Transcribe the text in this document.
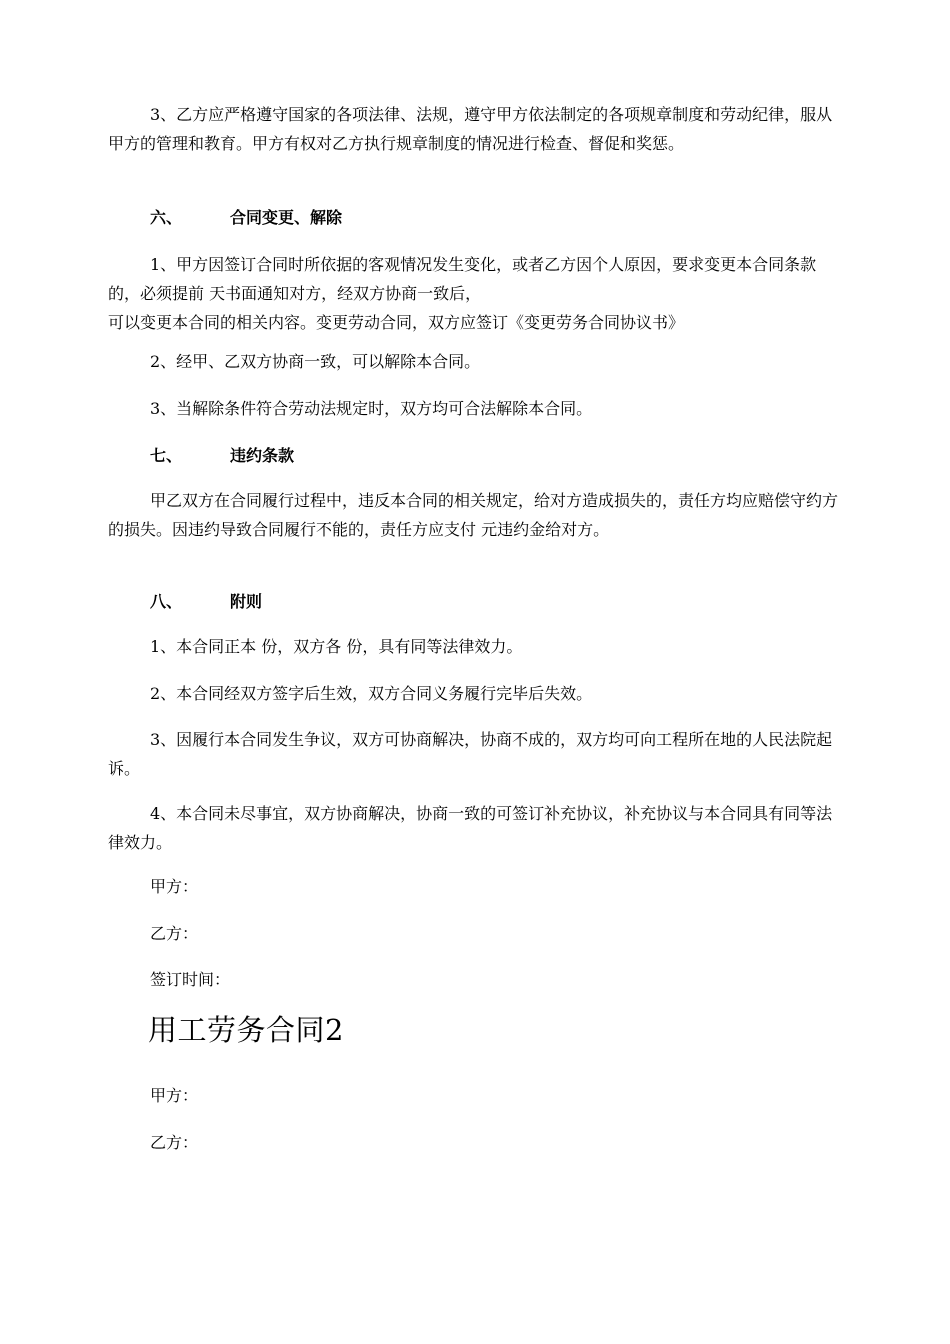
3、乙方应严格遵守国家的各项法律、法规，遵守甲方依法制定的各项规章制度和劳动纪律，服从甲方的管理和教育。甲方有权对乙方执行规章制度的情况进行检查、督促和奖惩。

六、	合同变更、解除

1、甲方因签订合同时所依据的客观情况发生变化，或者乙方因个人原因，要求变更本合同条款的，必须提前 天书面通知对方，经双方协商一致后，

可以变更本合同的相关内容。变更劳动合同，双方应签订《变更劳务合同协议书》

2、经甲、乙双方协商一致，可以解除本合同。

3、当解除条件符合劳动法规定时，双方均可合法解除本合同。

七、	违约条款

甲乙双方在合同履行过程中，违反本合同的相关规定，给对方造成损失的，责任方均应赔偿守约方的损失。因违约导致合同履行不能的，责任方应支付 元违约金给对方。

八、	附则

1、本合同正本 份，双方各 份，具有同等法律效力。

2、本合同经双方签字后生效，双方合同义务履行完毕后失效。

3、因履行本合同发生争议，双方可协商解决，协商不成的，双方均可向工程所在地的人民法院起诉。

4、本合同未尽事宜，双方协商解决，协商一致的可签订补充协议，补充协议与本合同具有同等法律效力。

甲方：

乙方：

签订时间：

用工劳务合同2

甲方：

乙方：
